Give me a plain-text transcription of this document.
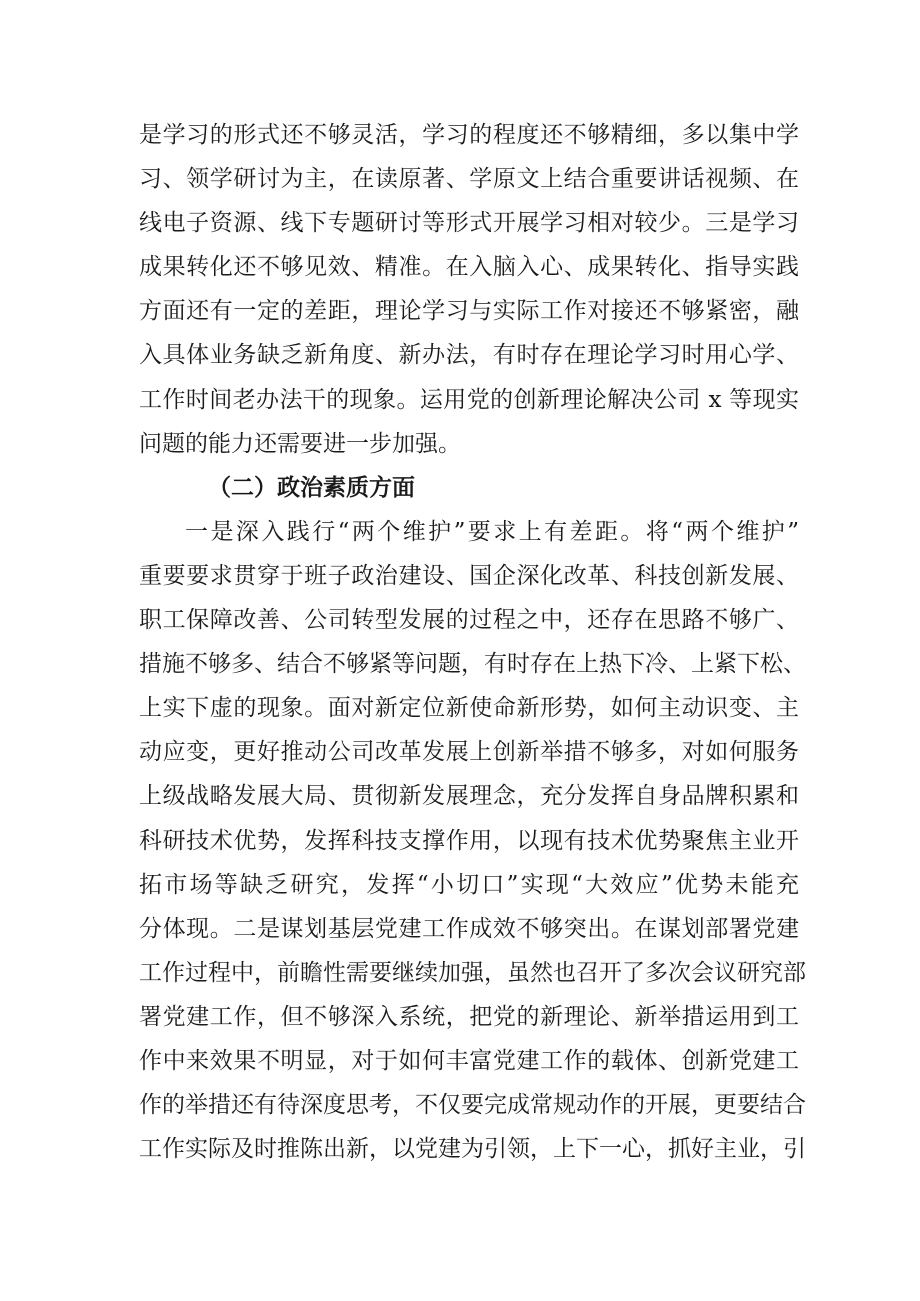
是学习的形式还不够灵活，学习的程度还不够精细，多以集中学
习、领学研讨为主，在读原著、学原文上结合重要讲话视频、在
线电子资源、线下专题研讨等形式开展学习相对较少。三是学习
成果转化还不够见效、精准。在入脑入心、成果转化、指导实践
方面还有一定的差距，理论学习与实际工作对接还不够紧密，融
入具体业务缺乏新角度、新办法，有时存在理论学习时用心学、
工作时间老办法干的现象。运用党的创新理论解决公司 x 等现实
问题的能力还需要进一步加强。
（二）政治素质方面
一是深入践行“两个维护”要求上有差距。将“两个维护”
重要要求贯穿于班子政治建设、国企深化改革、科技创新发展、
职工保障改善、公司转型发展的过程之中，还存在思路不够广、
措施不够多、结合不够紧等问题，有时存在上热下冷、上紧下松、
上实下虚的现象。面对新定位新使命新形势，如何主动识变、主
动应变，更好推动公司改革发展上创新举措不够多，对如何服务
上级战略发展大局、贯彻新发展理念，充分发挥自身品牌积累和
科研技术优势，发挥科技支撑作用，以现有技术优势聚焦主业开
拓市场等缺乏研究，发挥“小切口”实现“大效应”优势未能充
分体现。二是谋划基层党建工作成效不够突出。在谋划部署党建
工作过程中，前瞻性需要继续加强，虽然也召开了多次会议研究部
署党建工作，但不够深入系统，把党的新理论、新举措运用到工
作中来效果不明显，对于如何丰富党建工作的载体、创新党建工
作的举措还有待深度思考，不仅要完成常规动作的开展，更要结合
工作实际及时推陈出新，以党建为引领，上下一心，抓好主业，引
